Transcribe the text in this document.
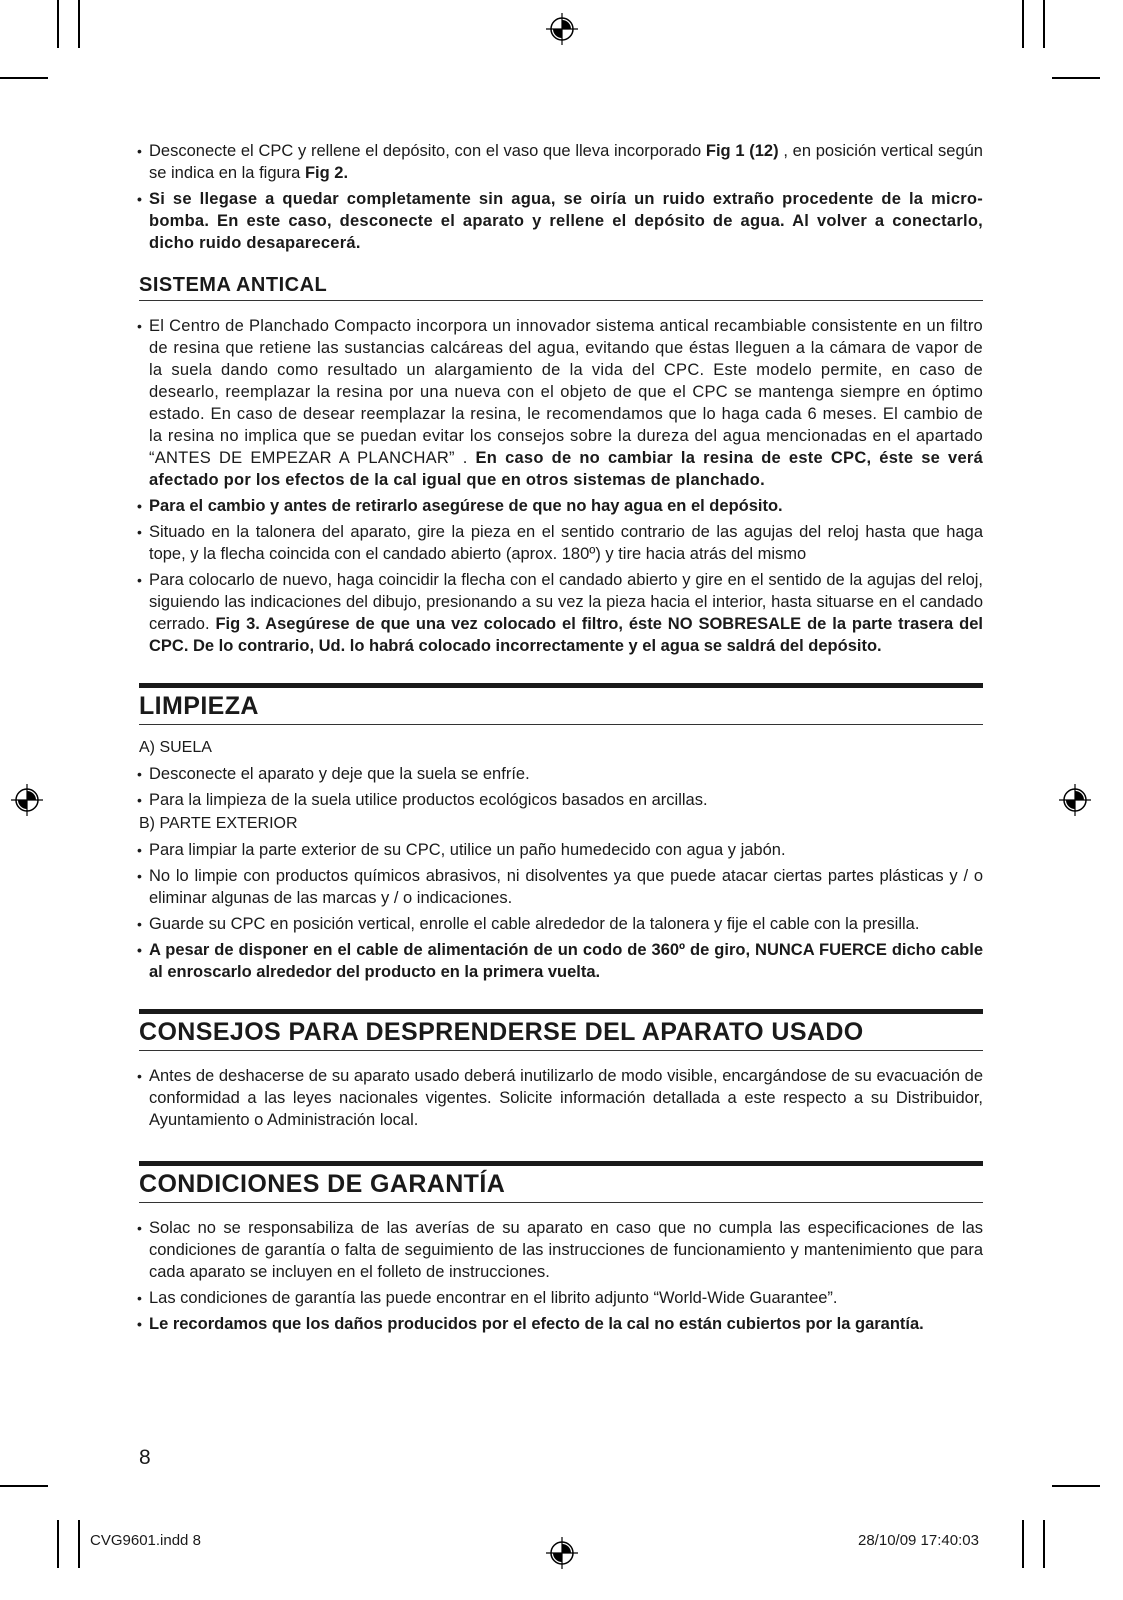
• Desconecte el CPC y rellene el depósito, con el vaso que lleva incorporado Fig 1 (12) , en posición vertical según se indica en la figura Fig 2.

• Si se llegase a quedar completamente sin agua, se oiría un ruido extraño procedente de la micro-bomba. En este caso, desconecte el aparato y rellene el depósito de agua. Al volver a conectarlo, dicho ruido desaparecerá.

SISTEMA ANTICAL

• El Centro de Planchado Compacto incorpora un innovador sistema antical recambiable consistente en un filtro de resina que retiene las sustancias calcáreas del agua, evitando que éstas lleguen a la cámara de vapor de la suela dando como resultado un alargamiento de la vida del CPC. Este modelo permite, en caso de desearlo, reemplazar la resina por una nueva con el objeto de que el CPC se mantenga siempre en óptimo estado. En caso de desear reemplazar la resina, le recomendamos que lo haga cada 6 meses. El cambio de la resina no implica que se puedan evitar los consejos sobre la dureza del agua mencionadas en el apartado “ANTES DE EMPEZAR A PLANCHAR” . En caso de no cambiar la resina de este CPC, éste se verá afectado por los efectos de la cal igual que en otros sistemas de planchado.

• Para el cambio y antes de retirarlo asegúrese de que no hay agua en el depósito.

• Situado en la talonera del aparato, gire la pieza en el sentido contrario de las agujas del reloj hasta que haga tope, y la flecha coincida con el candado abierto (aprox. 180º) y tire hacia atrás del mismo

• Para colocarlo de nuevo, haga coincidir la flecha con el candado abierto y gire en el sentido de la agujas del reloj, siguiendo las indicaciones del dibujo, presionando a su vez la pieza hacia el interior, hasta situarse en el candado cerrado. Fig 3. Asegúrese de que una vez colocado el filtro, éste NO SOBRESALE de la parte trasera del CPC. De lo contrario, Ud. lo habrá colocado incorrectamente y el agua se saldrá del depósito.

LIMPIEZA
A) SUELA

• Desconecte el aparato y deje que la suela se enfríe.

• Para la limpieza de la suela utilice productos ecológicos basados en arcillas.

B) PARTE EXTERIOR

• Para limpiar la parte exterior de su CPC, utilice un paño humedecido con agua y jabón.

• No lo limpie con productos químicos abrasivos, ni disolventes ya que puede atacar ciertas partes plásticas y / o eliminar algunas de las marcas y / o indicaciones.

• Guarde su CPC en posición vertical, enrolle el cable alrededor de la talonera y fije el cable con la presilla.

• A pesar de disponer en el cable de alimentación de un codo de 360º de giro, NUNCA FUERCE dicho cable al enroscarlo alrededor del producto en la primera vuelta.

CONSEJOS PARA DESPRENDERSE DEL APARATO USADO

• Antes de deshacerse de su aparato usado deberá inutilizarlo de modo visible, encargándose de su evacuación de conformidad a las leyes nacionales vigentes. Solicite información detallada a este respecto a su Distribuidor, Ayuntamiento o Administración local.

CONDICIONES DE GARANTÍA

• Solac no se responsabiliza de las averías de su aparato en caso que no cumpla las especificaciones de las condiciones de garantía o falta de seguimiento de las instrucciones de funcionamiento y mantenimiento que para cada aparato se incluyen en el folleto de instrucciones.

• Las condiciones de garantía las puede encontrar en el librito adjunto “World-Wide Guarantee”.

• Le recordamos que los daños producidos por el efecto de la cal no están cubiertos por la garantía.

8
CVG9601.indd 8	28/10/09 17:40:03
